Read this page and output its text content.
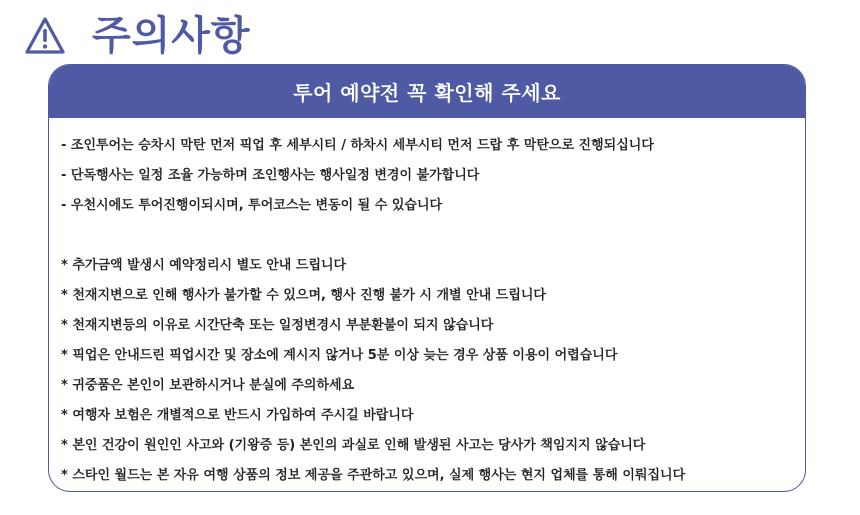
주의사항
투어 예약전 꼭 확인해 주세요
- 조인투어는 승차시 막탄 먼저 픽업 후 세부시티 / 하차시 세부시티 먼저 드랍 후 막탄으로 진행되십니다
- 단독행사는 일정 조율 가능하며 조인행사는 행사일정 변경이 불가합니다
- 우천시에도 투어진행이되시며, 투어코스는 변동이 될 수 있습니다
* 추가금액 발생시 예약정리시 별도 안내 드립니다
* 천재지변으로 인해 행사가 불가할 수 있으며, 행사 진행 불가 시 개별 안내 드립니다
* 천재지변등의 이유로 시간단축 또는 일정변경시 부분환불이 되지 않습니다
* 픽업은 안내드린 픽업시간 및 장소에 계시지 않거나 5분 이상 늦는 경우 상품 이용이 어렵습니다
* 귀중품은 본인이 보관하시거나 분실에 주의하세요
* 여행자 보험은 개별적으로 반드시 가입하여 주시길 바랍니다
* 본인 건강이 원인인 사고와 (기왕증 등) 본인의 과실로 인해 발생된 사고는 당사가 책임지지 않습니다
* 스타인 월드는 본 자유 여행 상품의 정보 제공을 주관하고 있으며, 실제 행사는 현지 업체를 통해 이뤄집니다
